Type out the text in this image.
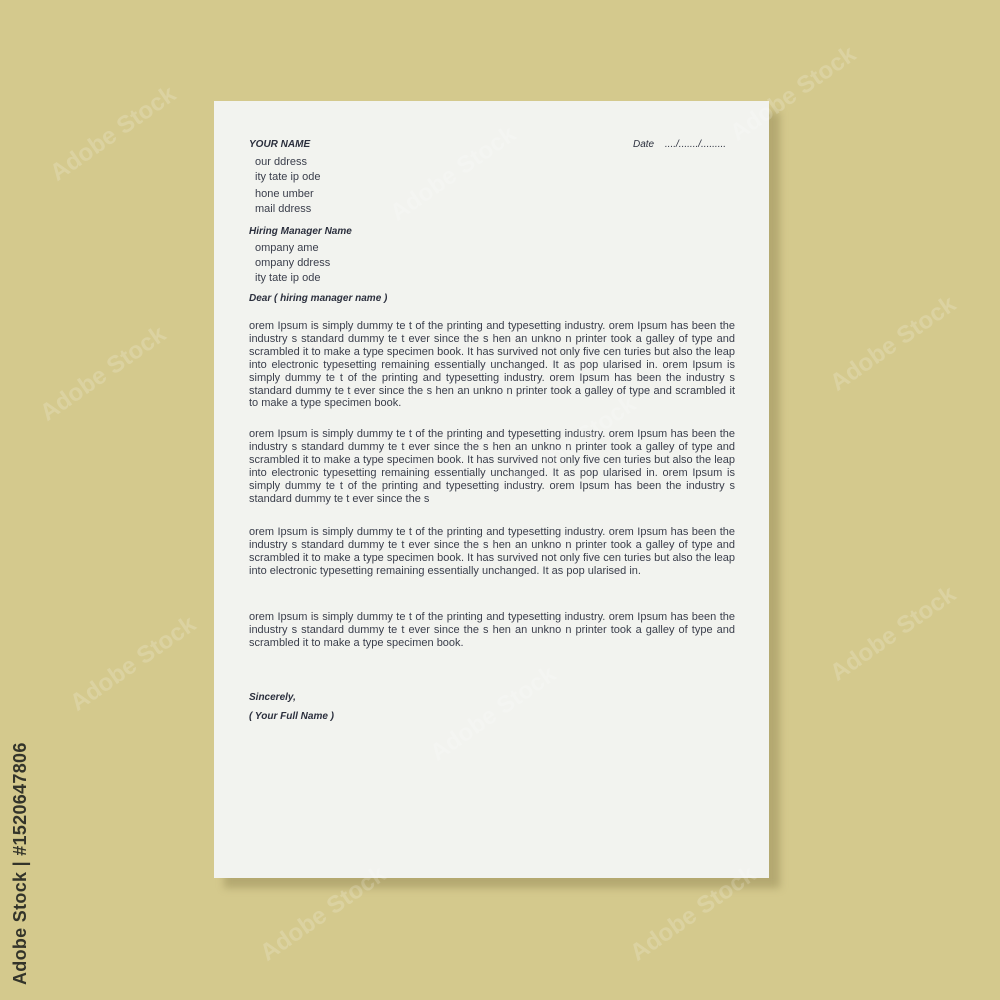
YOUR NAME	Date ..../......./.........
our ddress
ity tate ip ode
hone umber
mail ddress
Hiring Manager Name
ompany ame
ompany ddress
ity tate ip ode
Dear ( hiring manager name )
orem Ipsum is simply dummy te t of the printing and typesetting industry. orem Ipsum has been the industry s standard dummy te t ever since the s hen an unkno n printer took a galley of type and scrambled it to make a type specimen book. It has survived not only five cen turies but also the leap into electronic typesetting remaining essentially unchanged. It as pop ularised in. orem Ipsum is simply dummy te t of the printing and typesetting industry. orem Ipsum has been the industry s standard dummy te t ever since the s hen an unkno n printer took a galley of type and scrambled it to make a type specimen book.
orem Ipsum is simply dummy te t of the printing and typesetting industry. orem Ipsum has been the industry s standard dummy te t ever since the s hen an unkno n printer took a galley of type and scrambled it to make a type specimen book. It has survived not only five cen turies but also the leap into electronic typesetting remaining essentially unchanged. It as pop ularised in. orem Ipsum is simply dummy te t of the printing and typesetting industry. orem Ipsum has been the industry s standard dummy te t ever since the s
orem Ipsum is simply dummy te t of the printing and typesetting industry. orem Ipsum has been the industry s standard dummy te t ever since the s hen an unkno n printer took a galley of type and scrambled it to make a type specimen book. It has survived not only five cen turies but also the leap into electronic typesetting remaining essentially unchanged. It as pop ularised in.
orem Ipsum is simply dummy te t of the printing and typesetting industry. orem Ipsum has been the industry s standard dummy te t ever since the s hen an unkno n printer took a galley of type and scrambled it to make a type specimen book.
Sincerely,
( Your Full Name )
Adobe Stock	Adobe Stock
Adobe Stock
Adobe Stock
Adobe Stock	Adobe Stock
Adobe Stock	Adobe Stock
Adobe Stock | #152064780​6
